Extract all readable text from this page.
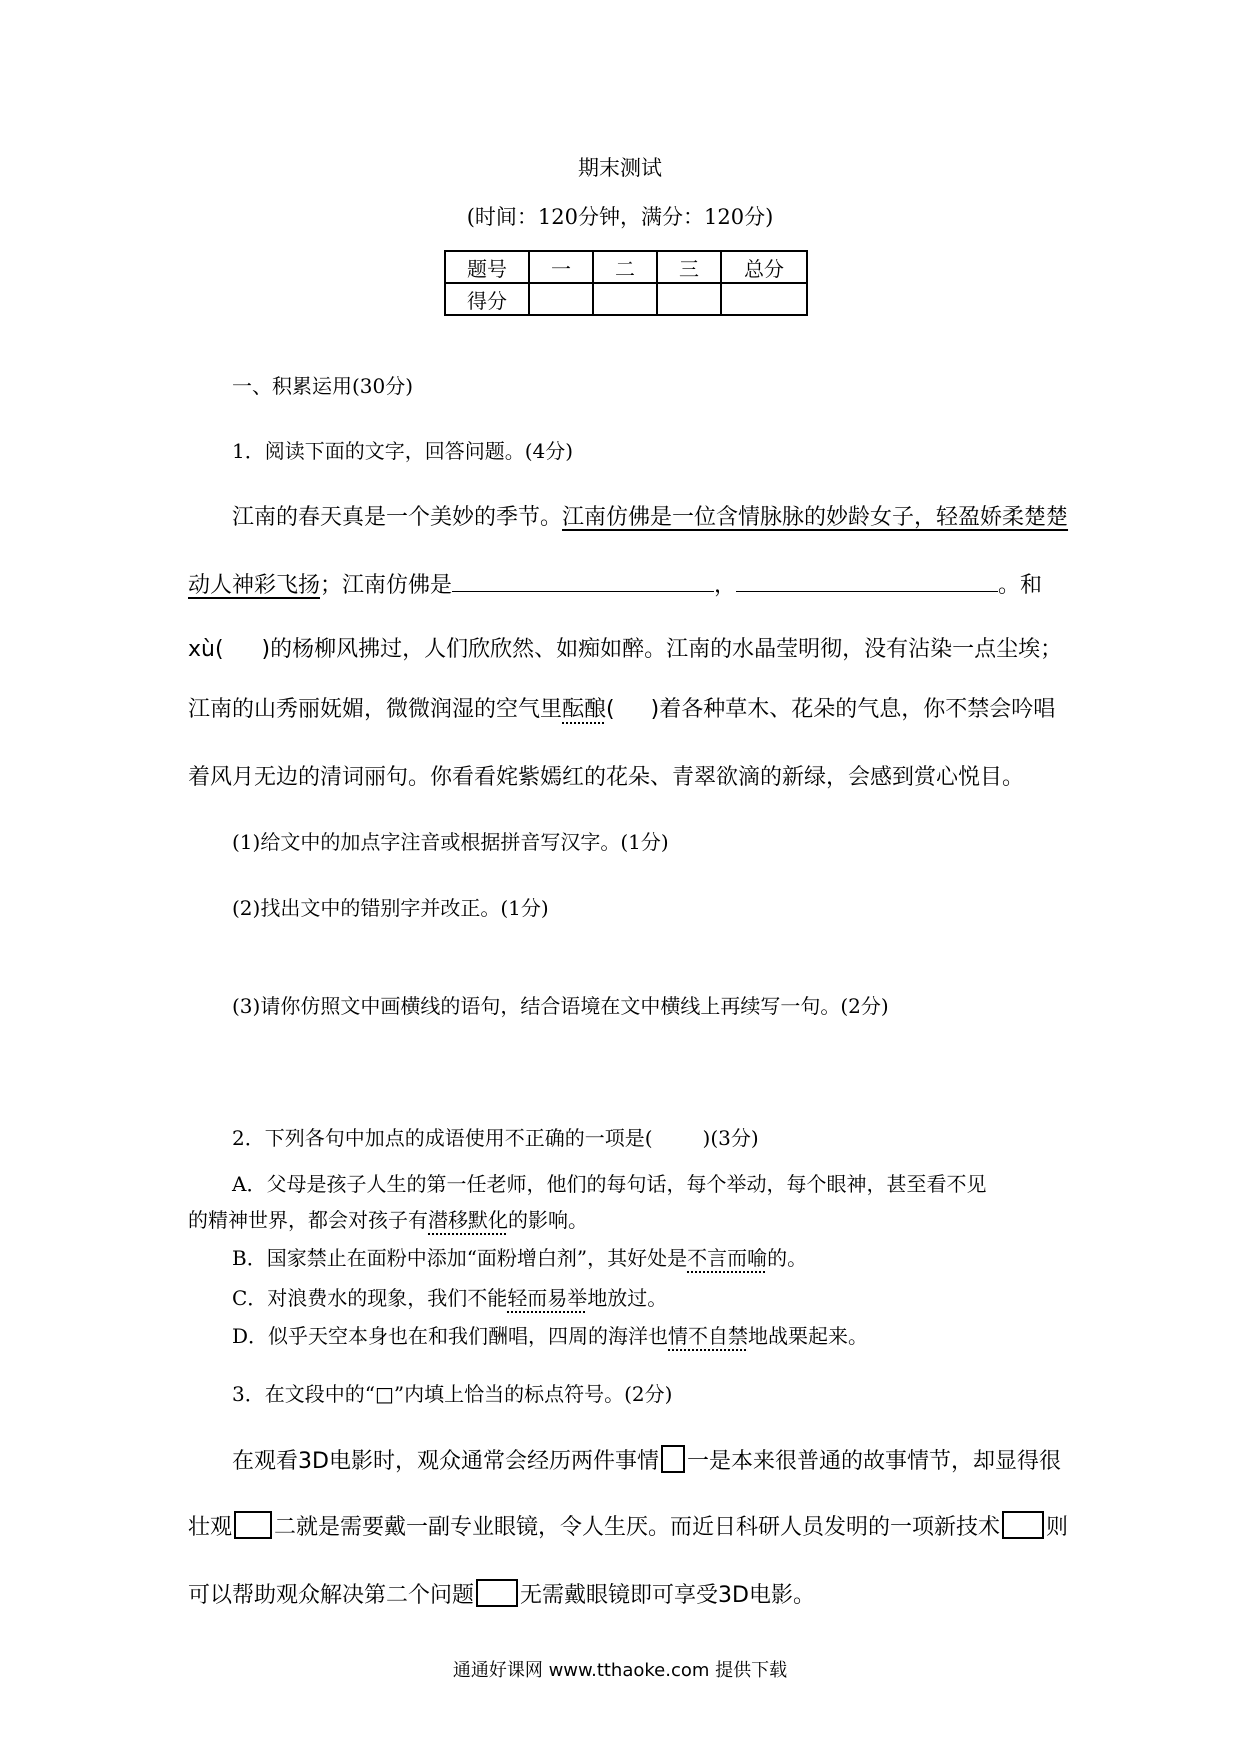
期末测试
(时间：120分钟，满分：120分)
题号	一	二	三	总分
得分				
一、积累运用(30分)
1．阅读下面的文字，回答问题。(4分)
江南的春天真是一个美妙的季节。江南仿佛是一位含情脉脉的妙龄女子，轻盈娇柔楚楚
动人神彩飞扬；江南仿佛是	，	。和
xù( )的杨柳风拂过，人们欣欣然、如痴如醉。江南的水晶莹明彻，没有沾染一点尘埃；
江南的山秀丽妩媚，微微润湿的空气里酝酿( )着各种草木、花朵的气息，你不禁会吟唱
着风月无边的清词丽句。你看看姹紫嫣红的花朵、青翠欲滴的新绿，会感到赏心悦目。
(1)给文中的加点字注音或根据拼音写汉字。(1分)
(2)找出文中的错别字并改正。(1分)
(3)请你仿照文中画横线的语句，结合语境在文中横线上再续写一句。(2分)
2．下列各句中加点的成语使用不正确的一项是(	)(3分)
A．父母是孩子人生的第一任老师，他们的每句话，每个举动，每个眼神，甚至看不见
的精神世界，都会对孩子有潜移默化的影响。
B．国家禁止在面粉中添加“面粉增白剂”，其好处是不言而喻的。
C．对浪费水的现象，我们不能轻而易举地放过。
D．似乎天空本身也在和我们酬唱，四周的海洋也情不自禁地战栗起来。
3．在文段中的“□”内填上恰当的标点符号。(2分)
在观看3D电影时，观众通常会经历两件事情 一是本来很普通的故事情节，却显得很
壮观 二就是需要戴一副专业眼镜，令人生厌。而近日科研人员发明的一项新技术 则
可以帮助观众解决第二个问题 无需戴眼镜即可享受3D电影。
通通好课网 www.tthaoke.com 提供下载
